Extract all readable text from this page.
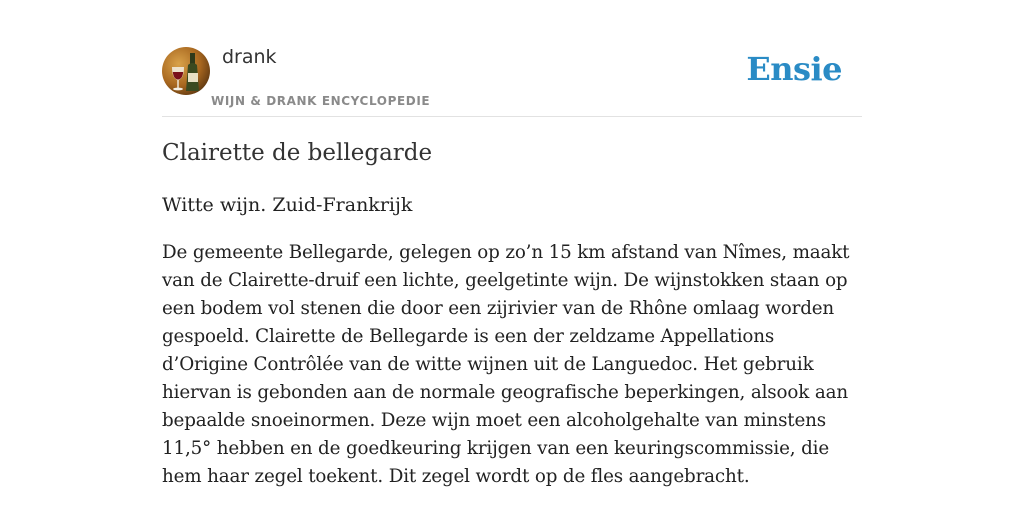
drank
WIJN & DRANK ENCYCLOPEDIE
Ensie
Clairette de bellegarde

Witte wijn. Zuid-Frankrijk

De gemeente Bellegarde, gelegen op zo’n 15 km afstand van Nîmes, maakt van de Clairette-druif een lichte, geelgetinte wijn. De wijnstokken staan op een bodem vol stenen die door een zijrivier van de Rhône omlaag worden gespoeld. Clairette de Bellegarde is een der zeldzame Appellations d’Origine Contrôlée van de witte wijnen uit de Languedoc. Het gebruik hiervan is gebonden aan de normale geografische beperkingen, alsook aan bepaalde snoeinormen. Deze wijn moet een alcoholgehalte van minstens 11,5° hebben en de goedkeuring krijgen van een keuringscommissie, die hem haar zegel toekent. Dit zegel wordt op de fles aangebracht.
